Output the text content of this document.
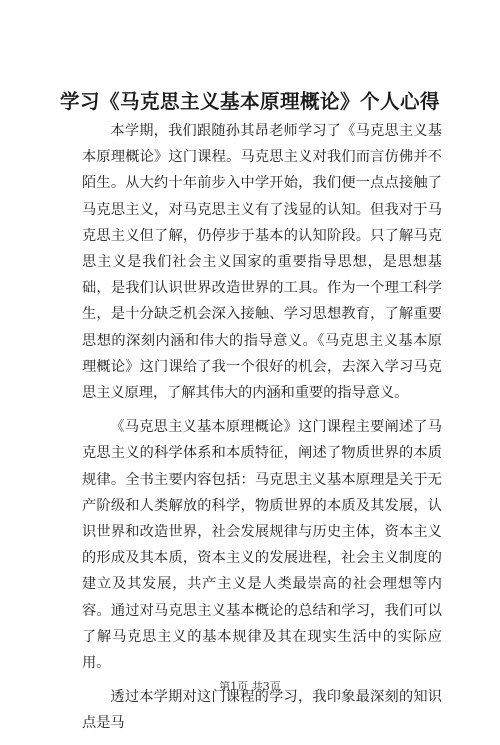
学习《马克思主义基本原理概论》个人心得

本学期，我们跟随孙其昂老师学习了《马克思主义基本原理概论》这门课程。马克思主义对我们而言仿佛并不陌生。从大约十年前步入中学开始，我们便一点点接触了马克思主义，对马克思主义有了浅显的认知。但我对于马克思主义但了解，仍停步于基本的认知阶段。只了解马克思主义是我们社会主义国家的重要指导思想，是思想基础，是我们认识世界改造世界的工具。作为一个理工科学生，是十分缺乏机会深入接触、学习思想教育，了解重要思想的深刻内涵和伟大的指导意义。《马克思主义基本原理概论》这门课给了我一个很好的机会，去深入学习马克思主义原理，了解其伟大的内涵和重要的指导意义。

《马克思主义基本原理概论》这门课程主要阐述了马克思主义的科学体系和本质特征，阐述了物质世界的本质规律。全书主要内容包括：马克思主义基本原理是关于无产阶级和人类解放的科学，物质世界的本质及其发展，认识世界和改造世界，社会发展规律与历史主体，资本主义的形成及其本质，资本主义的发展进程，社会主义制度的建立及其发展，共产主义是人类最崇高的社会理想等内容。通过对马克思主义基本概论的总结和学习，我们可以了解马克思主义的基本规律及其在现实生活中的实际应用。

透过本学期对这门课程的学习，我印象最深刻的知识点是马

第1页 共3页
